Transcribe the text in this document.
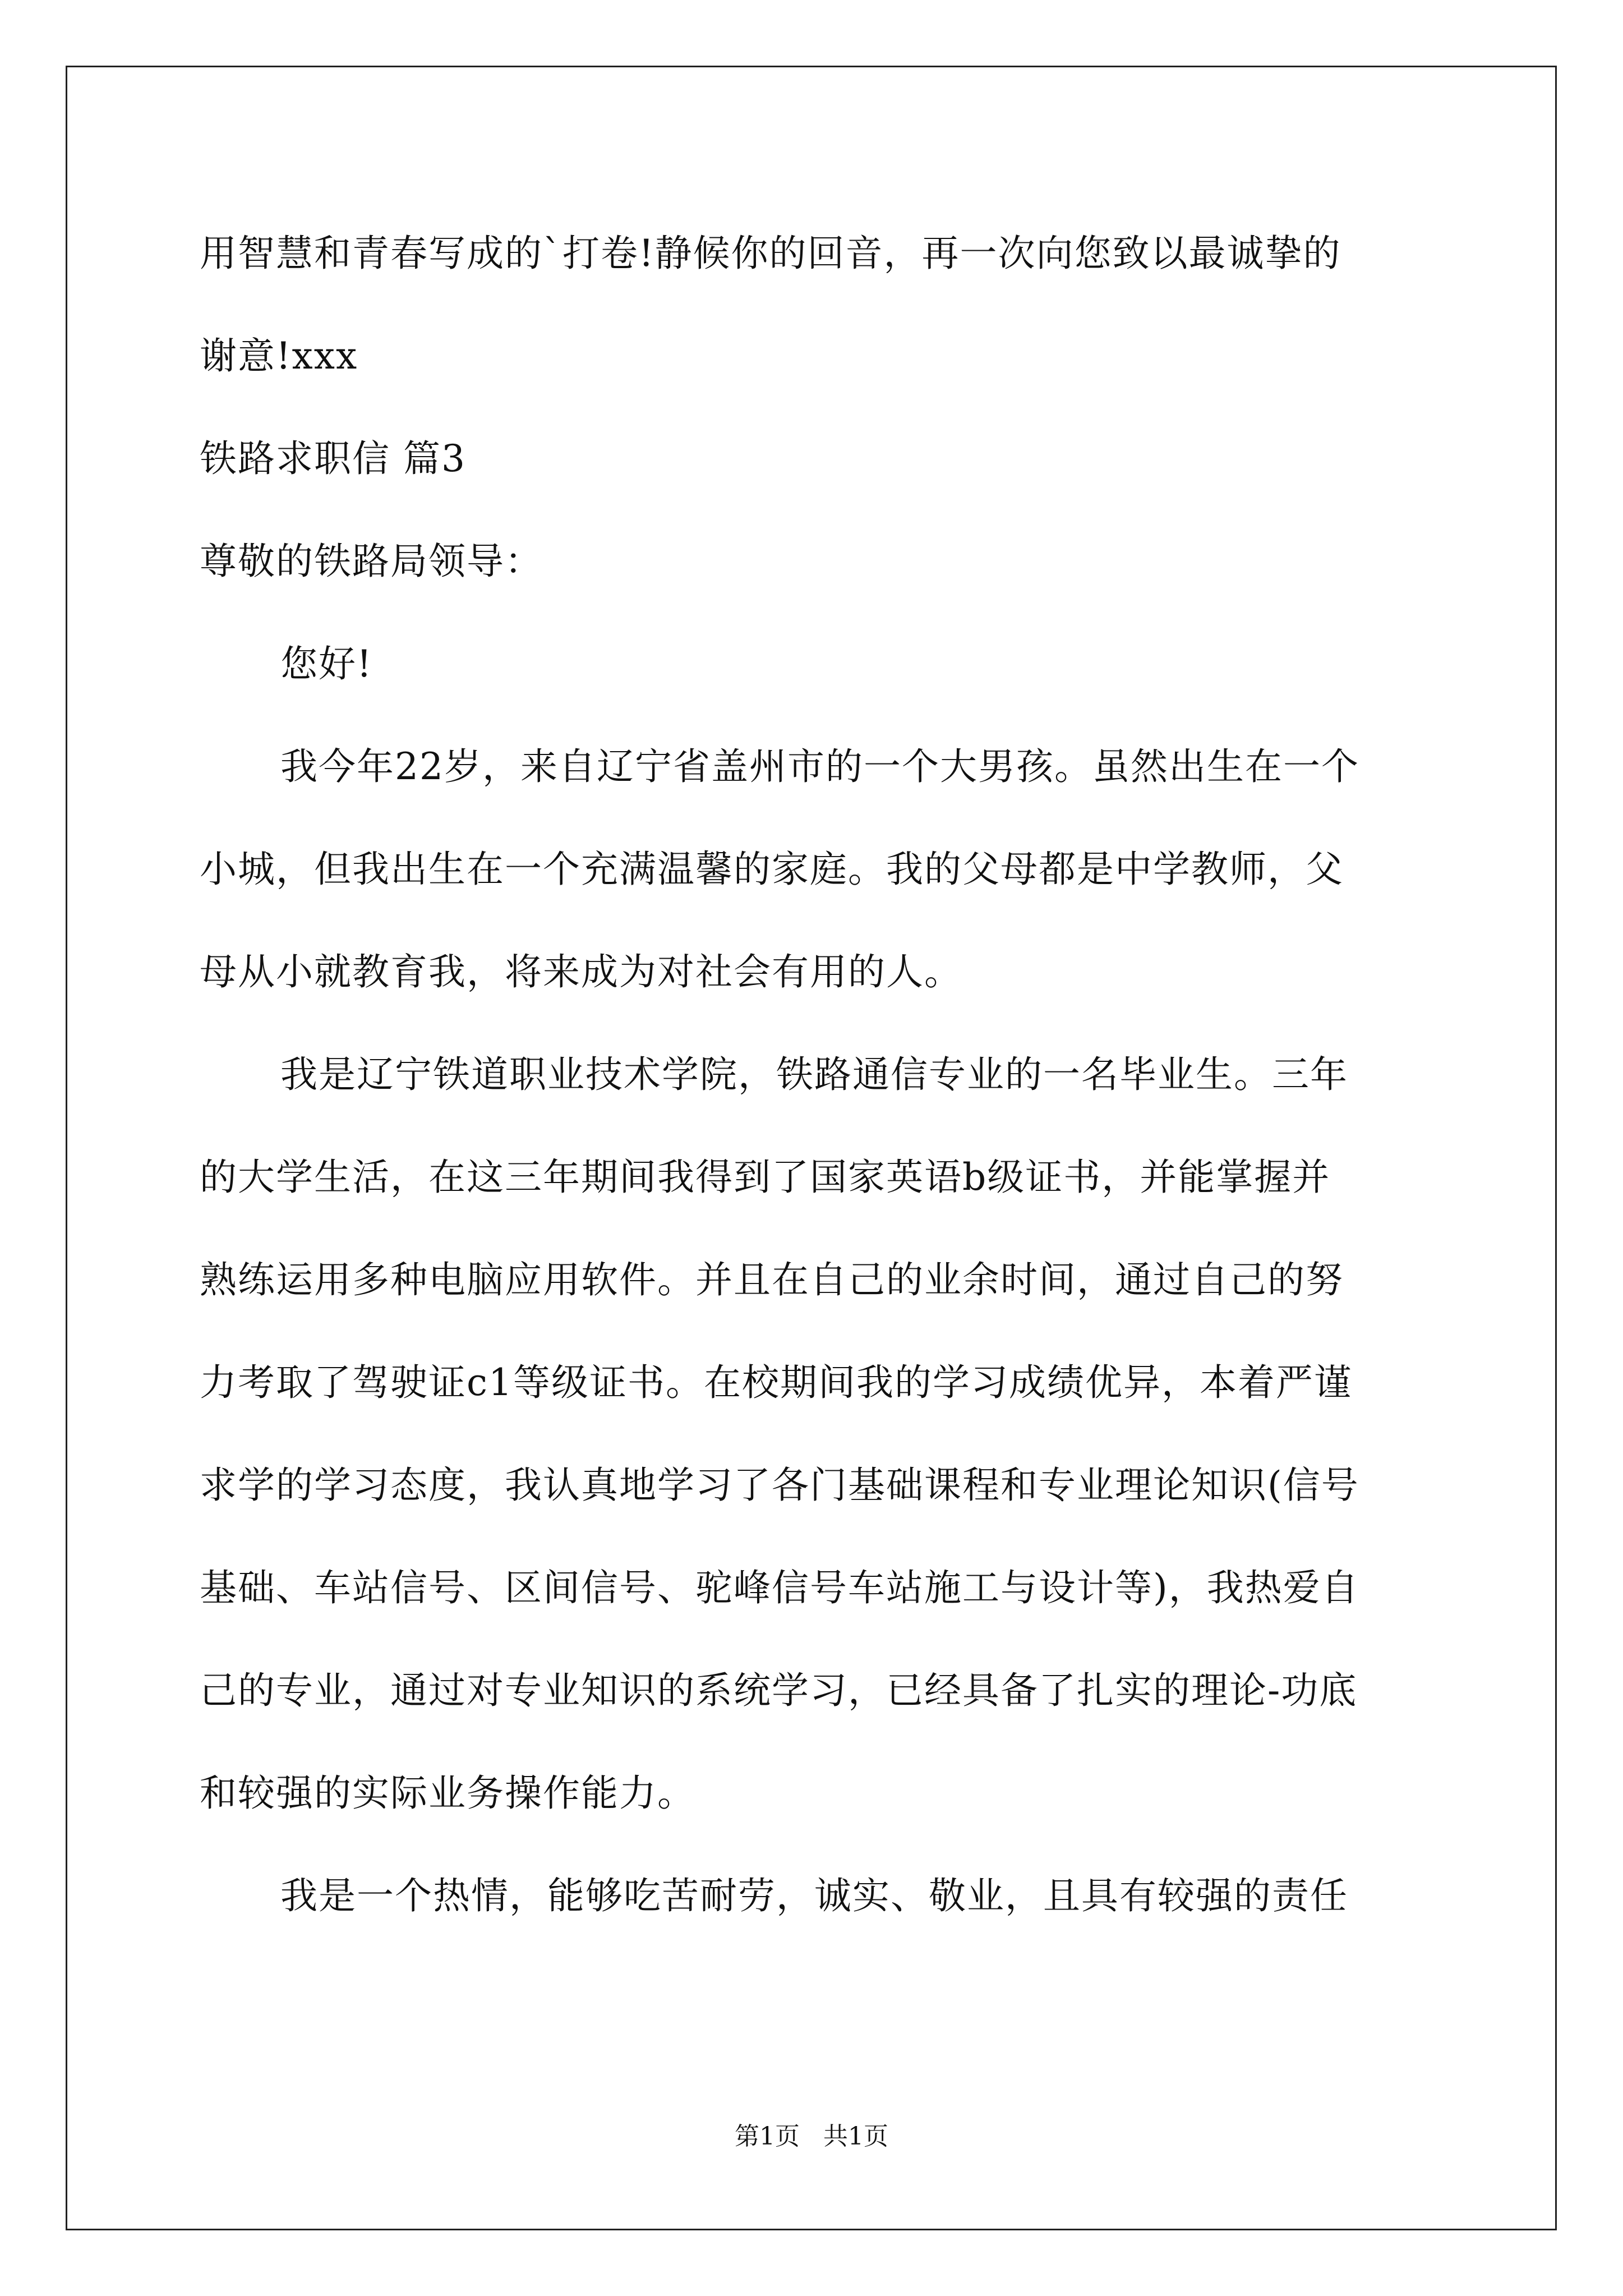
用智慧和青春写成的`打卷!静候你的回音，再一次向您致以最诚挚的
谢意!xxx
铁路求职信 篇3
尊敬的铁路局领导：
您好!
我今年22岁，来自辽宁省盖州市的一个大男孩。虽然出生在一个
小城，但我出生在一个充满温馨的家庭。我的父母都是中学教师，父
母从小就教育我，将来成为对社会有用的人。
我是辽宁铁道职业技术学院，铁路通信专业的一名毕业生。三年
的大学生活，在这三年期间我得到了国家英语b级证书，并能掌握并
熟练运用多种电脑应用软件。并且在自己的业余时间，通过自己的努
力考取了驾驶证c1等级证书。在校期间我的学习成绩优异，本着严谨
求学的学习态度，我认真地学习了各门基础课程和专业理论知识(信号
基础、车站信号、区间信号、驼峰信号车站施工与设计等)，我热爱自
己的专业，通过对专业知识的系统学习，已经具备了扎实的理论-功底
和较强的实际业务操作能力。
我是一个热情，能够吃苦耐劳，诚实、敬业，且具有较强的责任
第1页 共1页
